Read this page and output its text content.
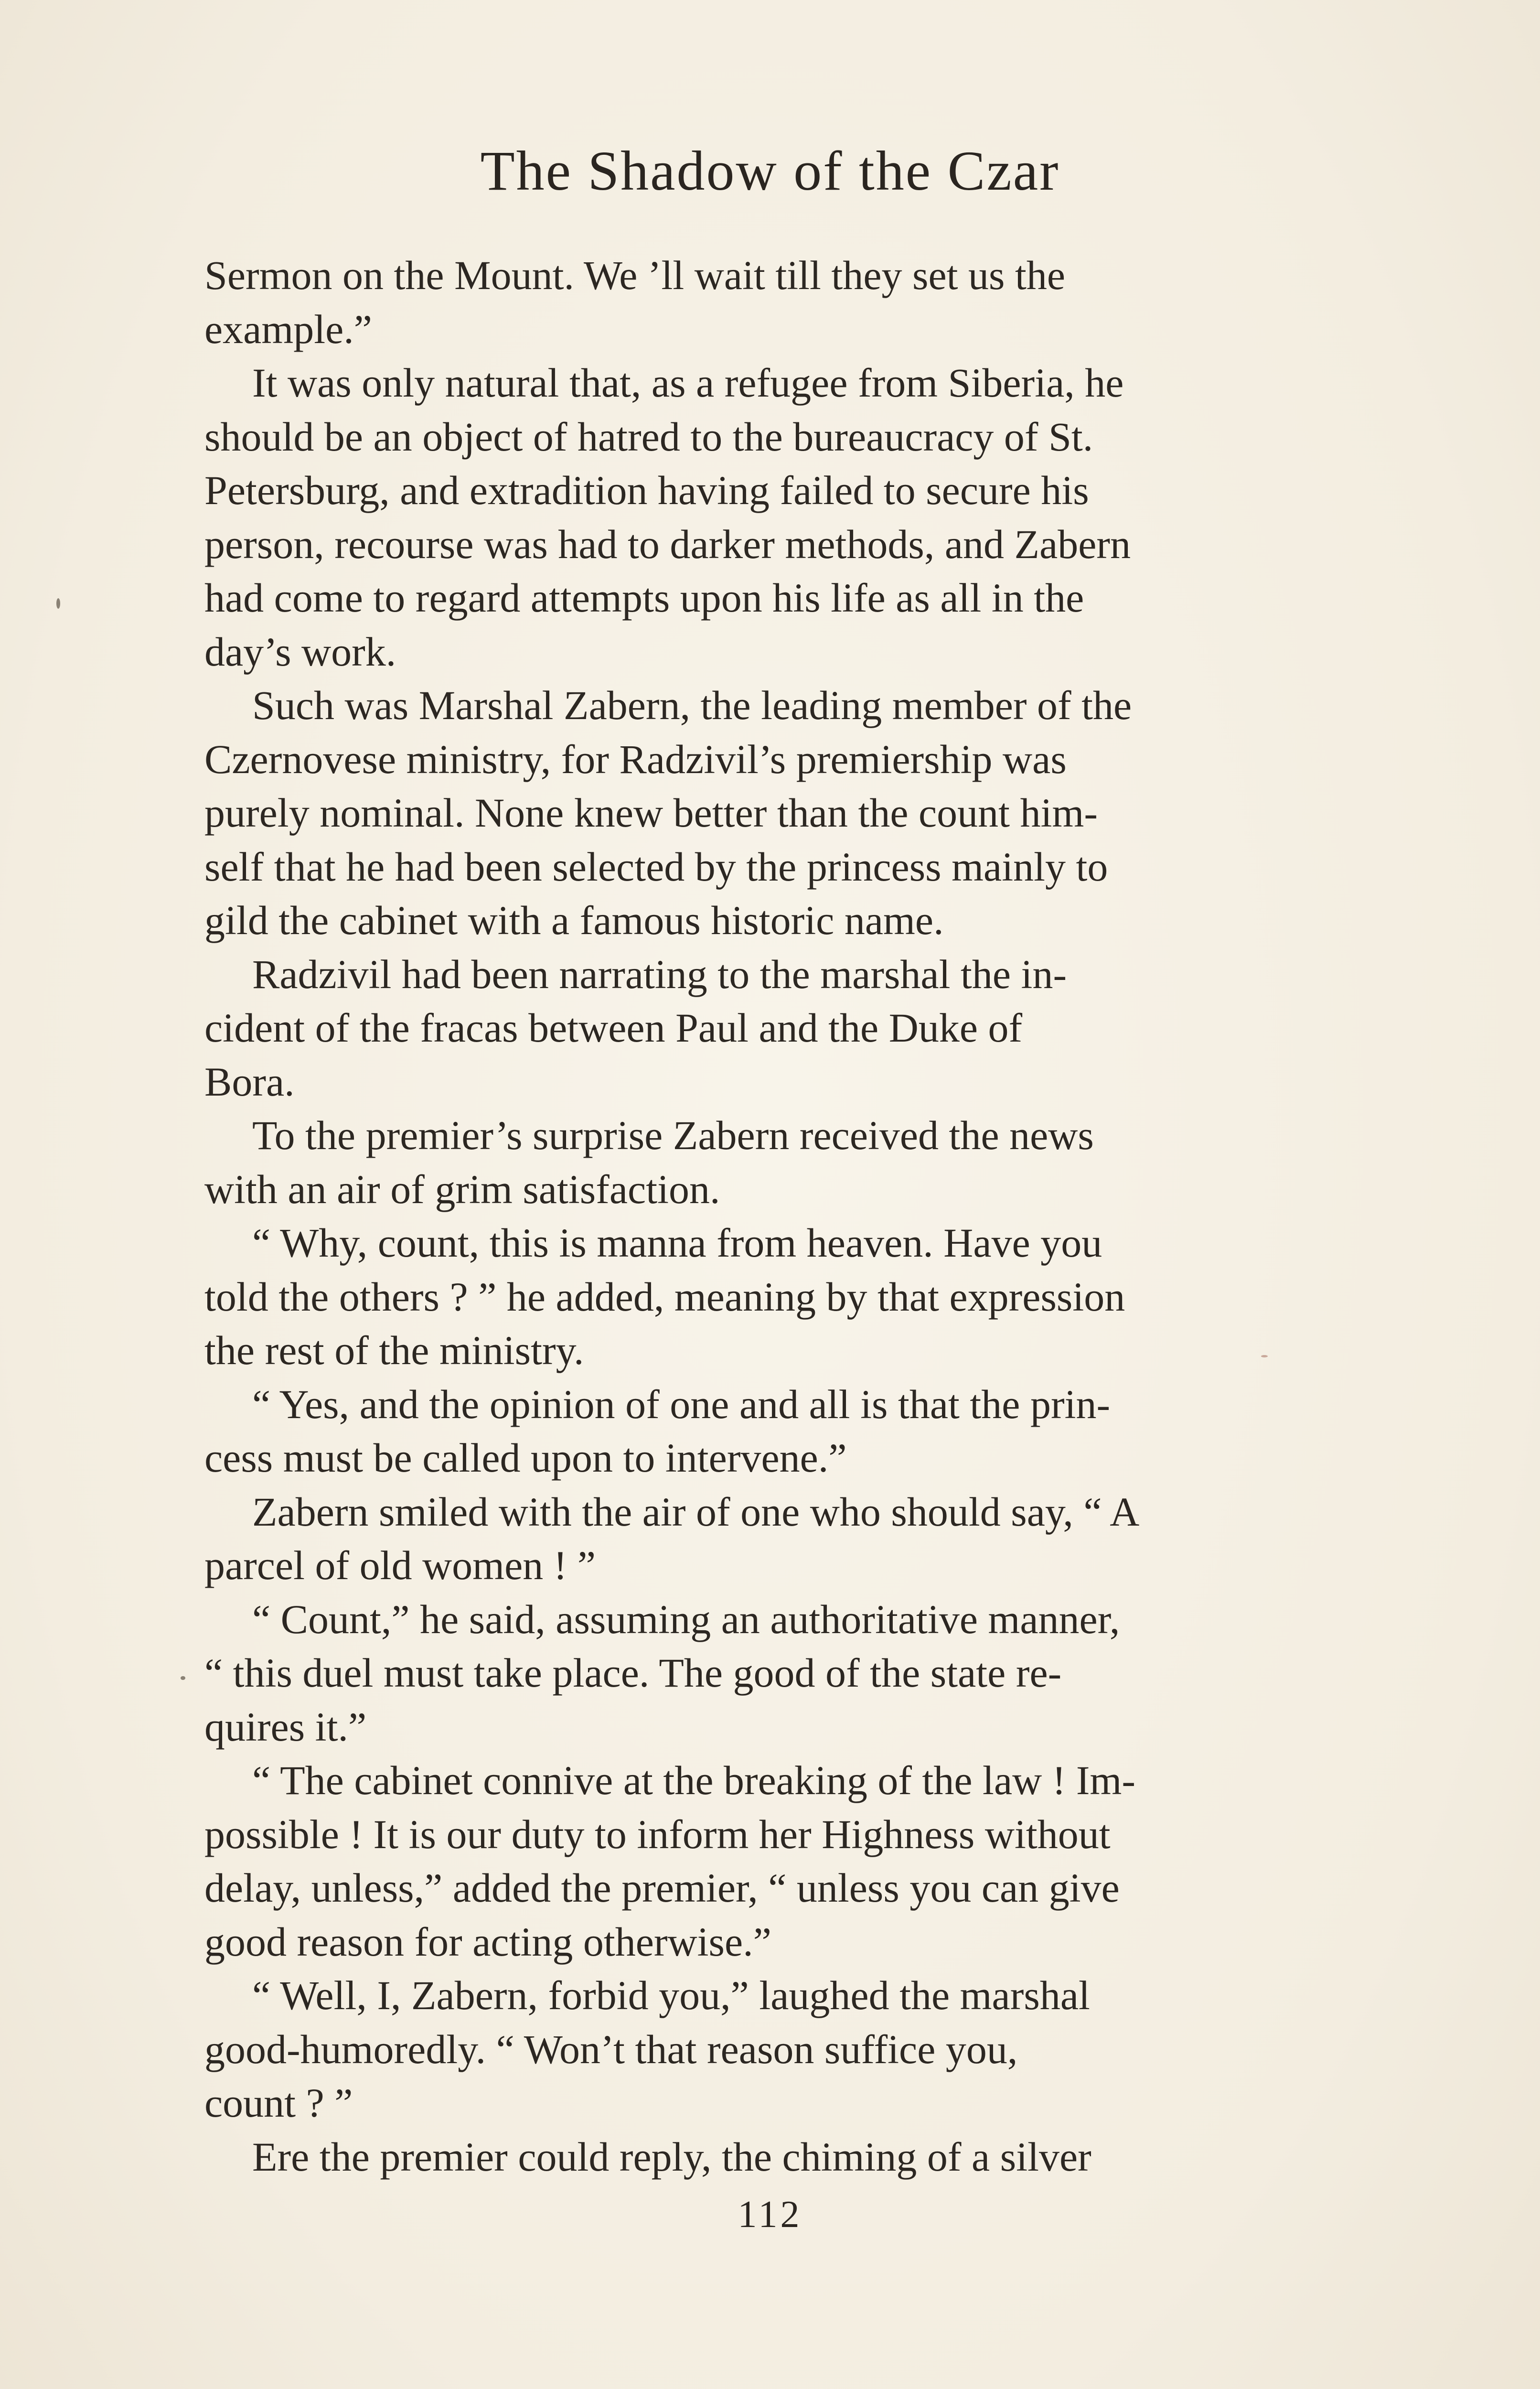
The Shadow of the Czar
Sermon on the Mount. We ’ll wait till they set us the
example.”
It was only natural that, as a refugee from Siberia, he
should be an object of hatred to the bureaucracy of St.
Petersburg, and extradition having failed to secure his
person, recourse was had to darker methods, and Zabern
had come to regard attempts upon his life as all in the
day’s work.
Such was Marshal Zabern, the leading member of the
Czernovese ministry, for Radzivil’s premiership was
purely nominal. None knew better than the count him-
self that he had been selected by the princess mainly to
gild the cabinet with a famous historic name.
Radzivil had been narrating to the marshal the in-
cident of the fracas between Paul and the Duke of
Bora.
To the premier’s surprise Zabern received the news
with an air of grim satisfaction.
“ Why, count, this is manna from heaven. Have you
told the others ? ” he added, meaning by that expression
the rest of the ministry.
“ Yes, and the opinion of one and all is that the prin-
cess must be called upon to intervene.”
Zabern smiled with the air of one who should say, “ A
parcel of old women ! ”
“ Count,” he said, assuming an authoritative manner,
“ this duel must take place. The good of the state re-
quires it.”
“ The cabinet connive at the breaking of the law ! Im-
possible ! It is our duty to inform her Highness without
delay, unless,” added the premier, “ unless you can give
good reason for acting otherwise.”
“ Well, I, Zabern, forbid you,” laughed the marshal
good-humoredly. “ Won’t that reason suffice you,
count ? ”
Ere the premier could reply, the chiming of a silver
112
